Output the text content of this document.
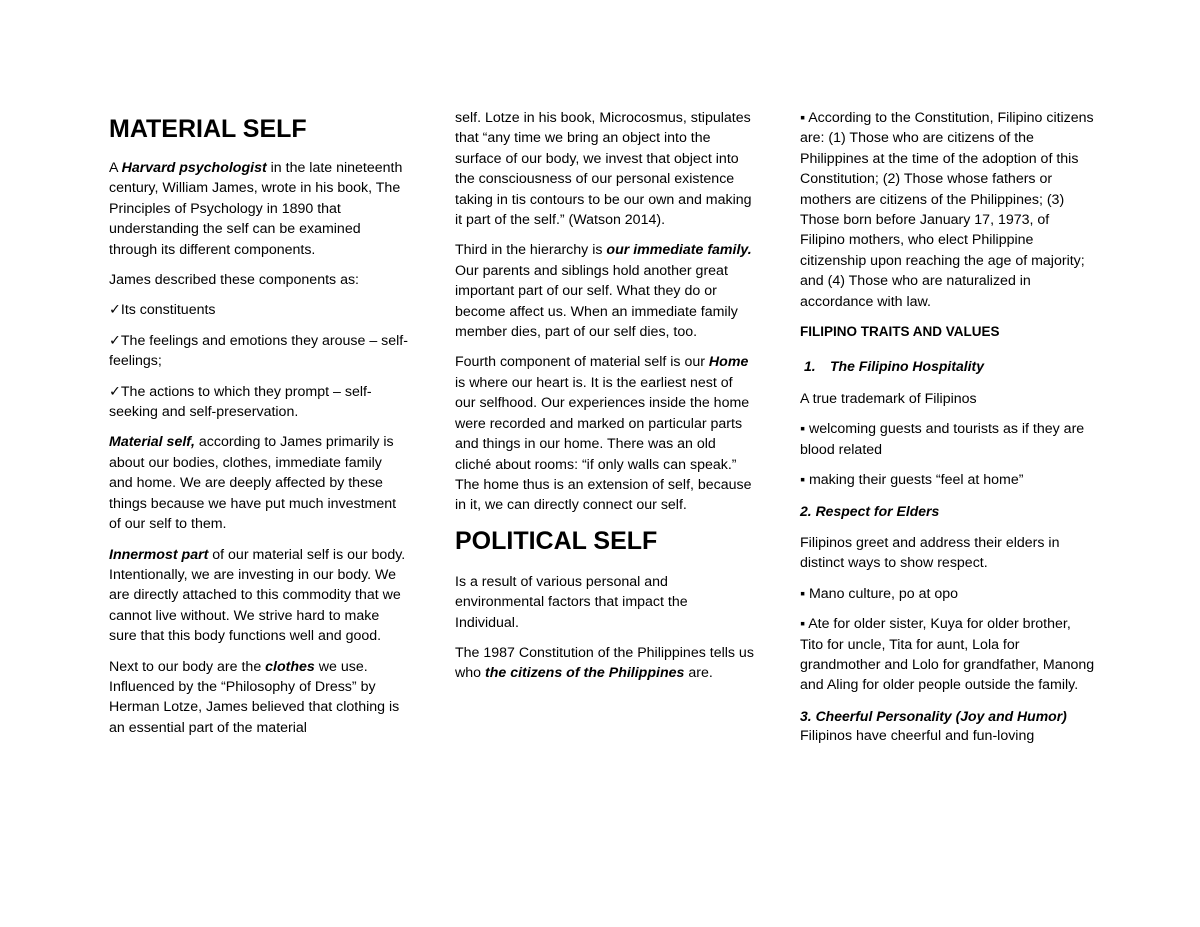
MATERIAL SELF

A Harvard psychologist in the late nineteenth century, William James, wrote in his book, The Principles of Psychology in 1890 that understanding the self can be examined through its different components.

James described these components as:

✓Its constituents

✓The feelings and emotions they arouse – self-feelings;

✓The actions to which they prompt – self-seeking and self-preservation.

Material self, according to James primarily is about our bodies, clothes, immediate family and home. We are deeply affected by these things because we have put much investment of our self to them.

Innermost part of our material self is our body. Intentionally, we are investing in our body. We are directly attached to this commodity that we cannot live without. We strive hard to make sure that this body functions well and good.

Next to our body are the clothes we use. Influenced by the “Philosophy of Dress” by Herman Lotze, James believed that clothing is an essential part of the material

self. Lotze in his book, Microcosmus, stipulates that “any time we bring an object into the surface of our body, we invest that object into the consciousness of our personal existence taking in tis contours to be our own and making it part of the self.” (Watson 2014).

Third in the hierarchy is our immediate family. Our parents and siblings hold another great important part of our self. What they do or become affect us. When an immediate family member dies, part of our self dies, too.

Fourth component of material self is our Home is where our heart is. It is the earliest nest of our selfhood. Our experiences inside the home were recorded and marked on particular parts and things in our home. There was an old cliché about rooms: “if only walls can speak.” The home thus is an extension of self, because in it, we can directly connect our self.

POLITICAL SELF

Is a result of various personal and environmental factors that impact the Individual.

The 1987 Constitution of the Philippines tells us who the citizens of the Philippines are.

▪ According to the Constitution, Filipino citizens are: (1) Those who are citizens of the Philippines at the time of the adoption of this Constitution; (2) Those whose fathers or mothers are citizens of the Philippines; (3) Those born before January 17, 1973, of Filipino mothers, who elect Philippine citizenship upon reaching the age of majority; and (4) Those who are naturalized in accordance with law.

FILIPINO TRAITS AND VALUES

1. The Filipino Hospitality

A true trademark of Filipinos

▪ welcoming guests and tourists as if they are blood related

▪ making their guests “feel at home”

2. Respect for Elders

Filipinos greet and address their elders in distinct ways to show respect.

▪ Mano culture, po at opo

▪ Ate for older sister, Kuya for older brother, Tito for uncle, Tita for aunt, Lola for grandmother and Lolo for grandfather, Manong and Aling for older people outside the family.

3. Cheerful Personality (Joy and Humor)

Filipinos have cheerful and fun-loving
